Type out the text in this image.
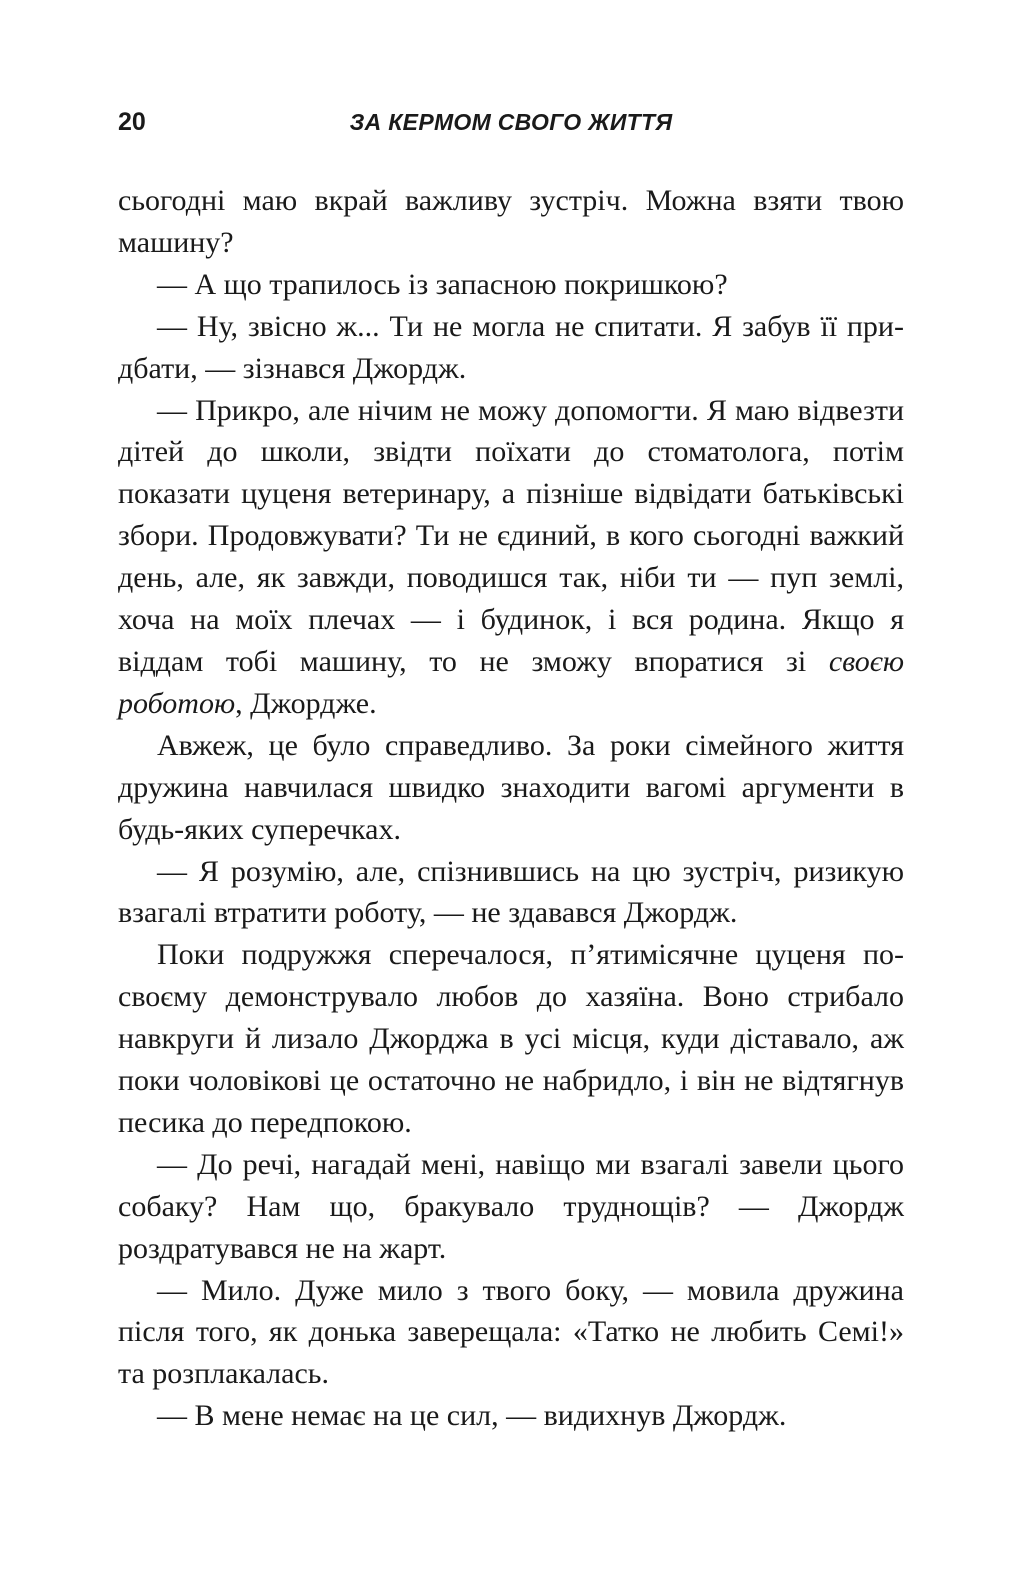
20	ЗА КЕРМОМ СВОГО ЖИТТЯ

сьогодні маю вкрай важливу зустріч. Можна взяти твою машину?

— А що трапилось із запасною покришкою?

— Ну, звісно ж... Ти не могла не спитати. Я забув її придбати, — зізнався Джордж.

— Прикро, але нічим не можу допомогти. Я маю відвезти дітей до школи, звідти поїхати до стоматолога, потім показати цуценя ветеринару, а пізніше відвідати батьківські збори. Продовжувати? Ти не єдиний, в кого сьогодні важкий день, але, як завжди, поводишся так, ніби ти — пуп землі, хоча на моїх плечах — і будинок, і вся родина. Якщо я віддам тобі машину, то не зможу впоратися зі своєю роботою, Джордже.

Авжеж, це було справедливо. За роки сімейного життя дружина навчилася швидко знаходити вагомі аргументи в будь-яких суперечках.

— Я розумію, але, спізнившись на цю зустріч, ризикую взагалі втратити роботу, — не здавався Джордж.

Поки подружжя сперечалося, п’ятимісячне цуценя по-своєму демонструвало любов до хазяїна. Воно стрибало навкруги й лизало Джорджа в усі місця, куди діставало, аж поки чоловікові це остаточно не набридло, і він не відтягнув песика до передпокою.

— До речі, нагадай мені, навіщо ми взагалі завели цього собаку? Нам що, бракувало труднощів? — Джордж роздратувався не на жарт.

— Мило. Дуже мило з твого боку, — мовила дружина після того, як донька заверещала: «Татко не любить Семі!» та розплакалась.

— В мене немає на це сил, — видихнув Джордж.
